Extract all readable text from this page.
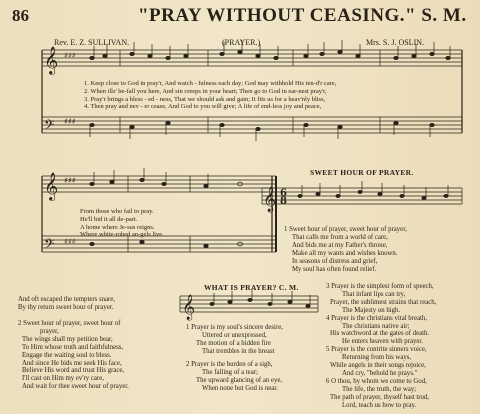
86	"PRAY WITHOUT CEASING." S. M.
Rev. E. Z. SULLIVAN.	(PRAYER.)	Mrs. S. J. OSLIN.
𝄞
𝄢
𝄞
𝄢
𝄞
𝄞
♯♯♯
♯♯♯
♯♯♯
♯♯♯
6
8
1. Keep close to God in pray'r, And watch - fulness each day; God may withhold His ten-d'r care,
2. When ills' be-fall you here, And sin creeps in your heart; Then go to God in ear-nest pray'r,
3. Pray'r brings a bless - ed - ness, That we should ask and gain; It fits us for a heav'nly bliss,
4. Then pray and nev - er cease, And God to you will give; A life of end-less joy and peace,
From those who fail to pray.
He'll bid it all de-part.
A home where Je-sus reigns.
Where white-robed an-gels live.
SWEET HOUR OF PRAYER.
1 Sweet hour of prayer, sweet hour of prayer,
That calls me from a world of care,
And bids me at my Father's throne,
Make all my wants and wishes known.
In seasons of distress and grief,
My soul has often found relief.
And oft escaped the tempters snare,
By thy return sweet hour of prayer.
2 Sweet hour of prayer, sweet hour of
prayer,
The wings shall my petition bear,
To Him whose truth and faithfulness,
Engage the waiting soul to bless.
And since He bids me seek His face,
Believe His word and trust His grace,
I'll cast on Him my ev'ry care,
And wait for thee sweet hour of prayer.
WHAT IS PRAYER? C. M.
1 Prayer is my soul's sincere desire,
Uttered or unexpressed,
The motion of a hidden fire
That trembles in the breast
2 Prayer is the burden of a sigh,
The falling of a tear;
The upward glancing of an eye,
When none but God is near.
3 Prayer is the simplest form of speech,
That infant lips can try,
Prayer, the sublimest strains that reach,
The Majesty on high.
4 Prayer is the christians vital breath,
The christians native air;
His watchword at the gates of death.
He enters heaven with prayer.
5 Prayer is the contrite sinners voice,
Returning from his ways,
While angels in their songs rejoice,
And cry, "behold he prays."
6 O thou, by whom we come to God,
The life, the truth, the way;
The path of prayer, thyself hast trod,
Lord, teach us how to pray.
